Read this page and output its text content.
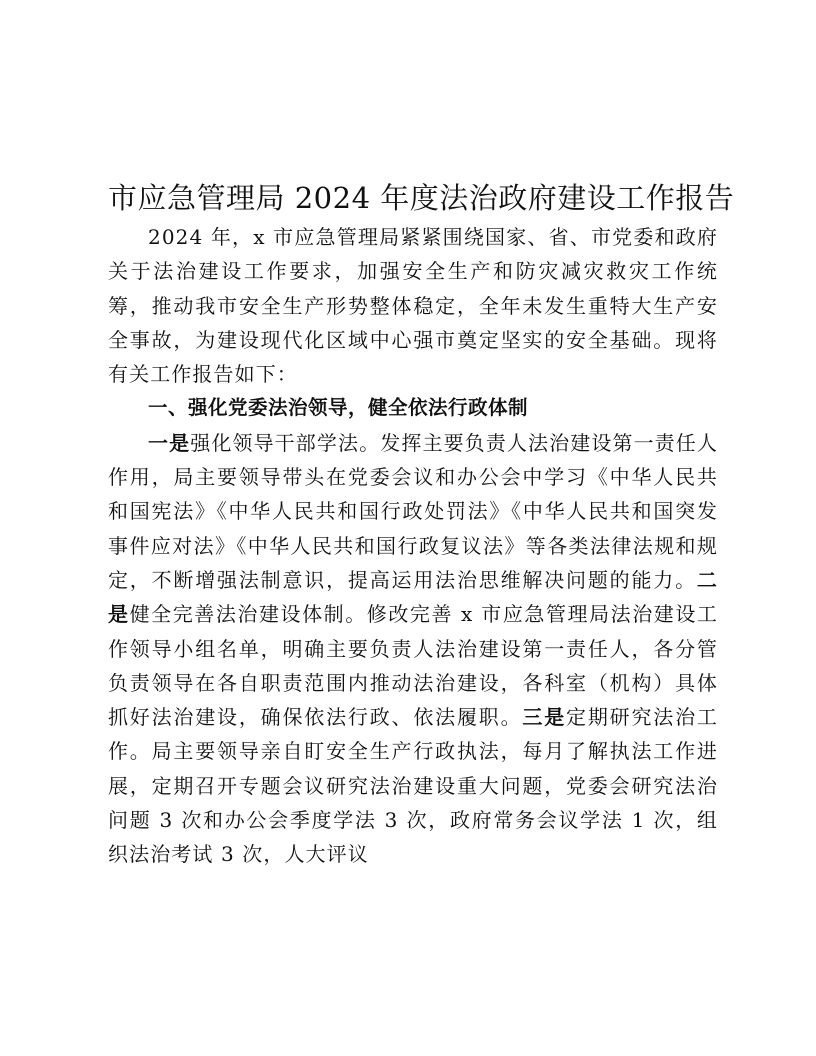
市应急管理局 2024 年度法治政府建设工作报告

2024 年，x 市应急管理局紧紧围绕国家、省、市党委和政府关于法治建设工作要求，加强安全生产和防灾减灾救灾工作统筹，推动我市安全生产形势整体稳定，全年未发生重特大生产安全事故，为建设现代化区域中心强市奠定坚实的安全基础。现将有关工作报告如下：

一、强化党委法治领导，健全依法行政体制

一是强化领导干部学法。发挥主要负责人法治建设第一责任人作用，局主要领导带头在党委会议和办公会中学习《中华人民共和国宪法》《中华人民共和国行政处罚法》《中华人民共和国突发事件应对法》《中华人民共和国行政复议法》等各类法律法规和规定，不断增强法制意识，提高运用法治思维解决问题的能力。二是健全完善法治建设体制。修改完善 x 市应急管理局法治建设工作领导小组名单，明确主要负责人法治建设第一责任人，各分管负责领导在各自职责范围内推动法治建设，各科室（机构）具体抓好法治建设，确保依法行政、依法履职。三是定期研究法治工作。局主要领导亲自盯安全生产行政执法，每月了解执法工作进展，定期召开专题会议研究法治建设重大问题，党委会研究法治问题 3 次和办公会季度学法 3 次，政府常务会议学法 1 次，组织法治考试 3 次，人大评议
